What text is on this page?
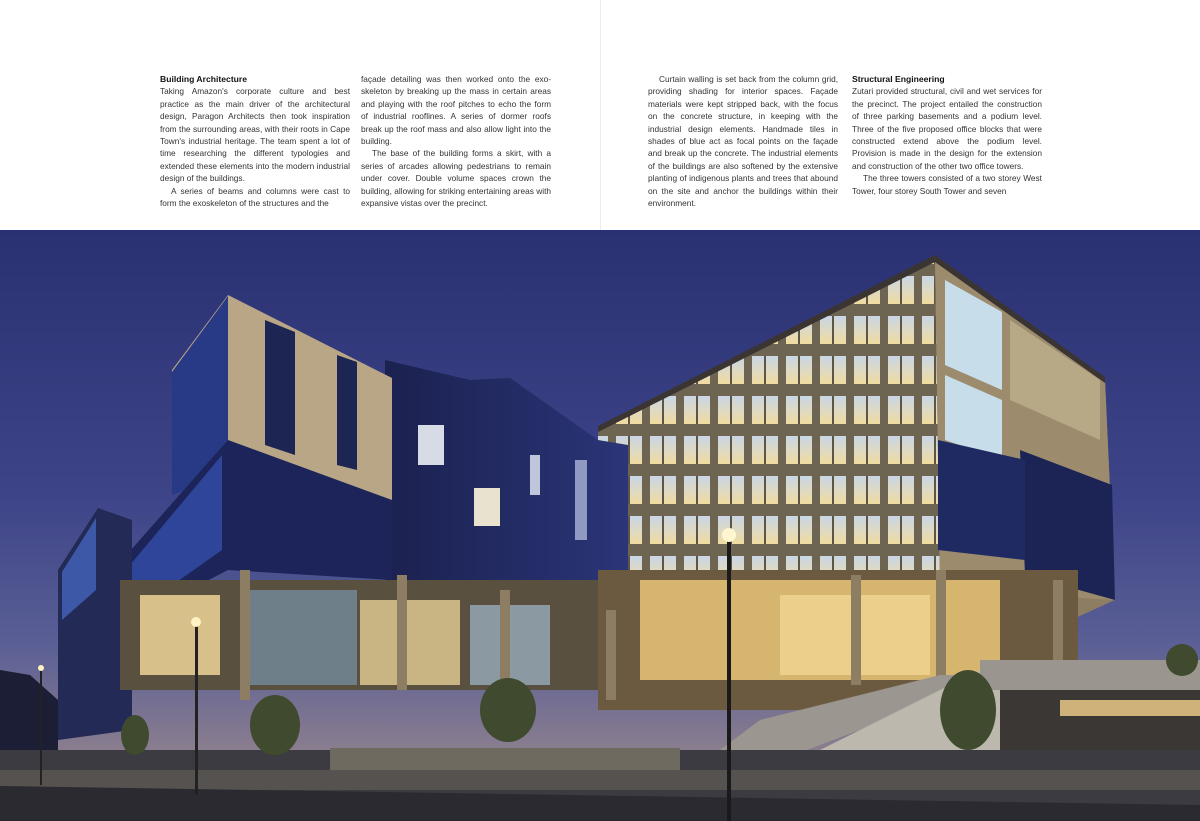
Building Architecture

Taking Amazon's corporate culture and best practice as the main driver of the architectural design, Paragon Architects then took inspiration from the surrounding areas, with their roots in Cape Town's industrial heritage. The team spent a lot of time researching the different typologies and extended these elements into the modern industrial design of the buildings.

A series of beams and columns were cast to form the exoskeleton of the structures and the

façade detailing was then worked onto the exo-skeleton by breaking up the mass in certain areas and playing with the roof pitches to echo the form of industrial rooflines. A series of dormer roofs break up the roof mass and also allow light into the building.

The base of the building forms a skirt, with a series of arcades allowing pedestrians to remain under cover. Double volume spaces crown the building, allowing for striking entertaining areas with expansive vistas over the precinct.

Curtain walling is set back from the column grid, providing shading for interior spaces. Façade materials were kept stripped back, with the focus on the concrete structure, in keeping with the industrial design elements. Handmade tiles in shades of blue act as focal points on the façade and break up the concrete. The industrial elements of the buildings are also softened by the extensive planting of indigenous plants and trees that abound on the site and anchor the buildings within their environment.

Structural Engineering

Zutari provided structural, civil and wet services for the precinct. The project entailed the construction of three parking basements and a podium level. Three of the five proposed office blocks that were constructed extend above the podium level. Provision is made in the design for the extension and construction of the other two office towers.

The three towers consisted of a two storey West Tower, four storey South Tower and seven
